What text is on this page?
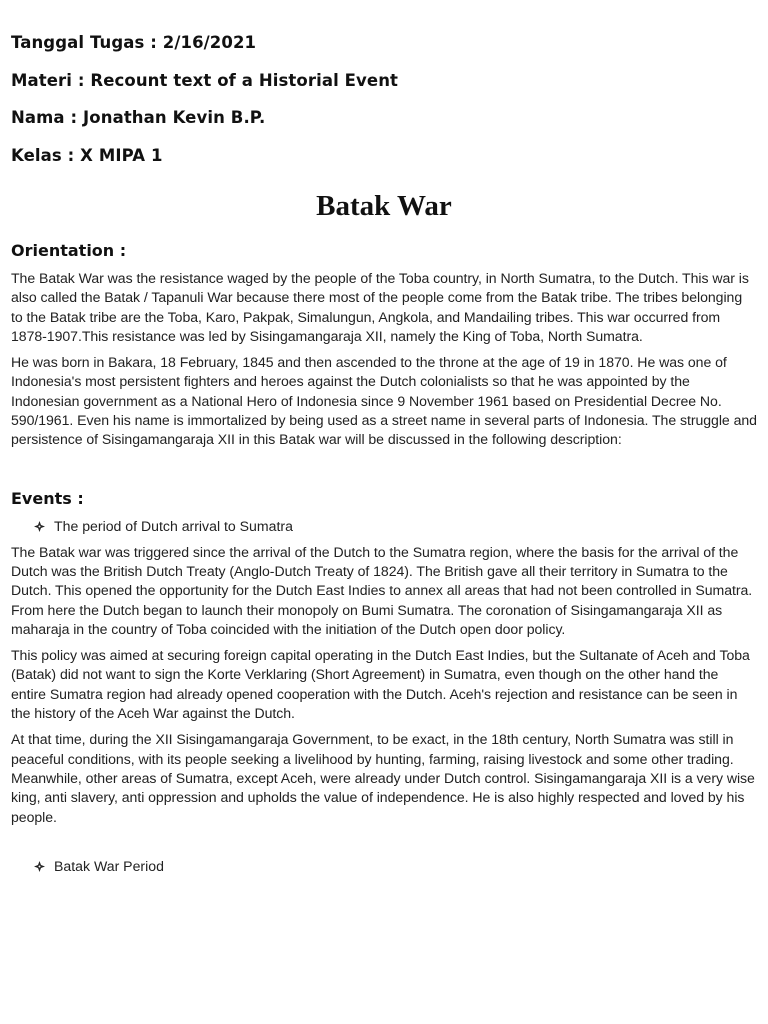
Tanggal Tugas : 2/16/2021

Materi : Recount text of a Historial Event

Nama : Jonathan Kevin B.P.

Kelas : X MIPA 1

Batak War
Orientation :

The Batak War was the resistance waged by the people of the Toba country, in North Sumatra, to the Dutch. This war is also called the Batak / Tapanuli War because there most of the people come from the Batak tribe. The tribes belonging to the Batak tribe are the Toba, Karo, Pakpak, Simalungun, Angkola, and Mandailing tribes. This war occurred from 1878-1907.This resistance was led by Sisingamangaraja XII, namely the King of Toba, North Sumatra.

He was born in Bakara, 18 February, 1845 and then ascended to the throne at the age of 19 in 1870. He was one of Indonesia's most persistent fighters and heroes against the Dutch colonialists so that he was appointed by the Indonesian government as a National Hero of Indonesia since 9 November 1961 based on Presidential Decree No. 590/1961. Even his name is immortalized by being used as a street name in several parts of Indonesia. The struggle and persistence of Sisingamangaraja XII in this Batak war will be discussed in the following description:

Events :
The period of Dutch arrival to Sumatra

The Batak war was triggered since the arrival of the Dutch to the Sumatra region, where the basis for the arrival of the Dutch was the British Dutch Treaty (Anglo-Dutch Treaty of 1824). The British gave all their territory in Sumatra to the Dutch. This opened the opportunity for the Dutch East Indies to annex all areas that had not been controlled in Sumatra. From here the Dutch began to launch their monopoly on Bumi Sumatra. The coronation of Sisingamangaraja XII as maharaja in the country of Toba coincided with the initiation of the Dutch open door policy.

This policy was aimed at securing foreign capital operating in the Dutch East Indies, but the Sultanate of Aceh and Toba (Batak) did not want to sign the Korte Verklaring (Short Agreement) in Sumatra, even though on the other hand the entire Sumatra region had already opened cooperation with the Dutch. Aceh's rejection and resistance can be seen in the history of the Aceh War against the Dutch.

At that time, during the XII Sisingamangaraja Government, to be exact, in the 18th century, North Sumatra was still in peaceful conditions, with its people seeking a livelihood by hunting, farming, raising livestock and some other trading. Meanwhile, other areas of Sumatra, except Aceh, were already under Dutch control. Sisingamangaraja XII is a very wise king, anti slavery, anti oppression and upholds the value of independence. He is also highly respected and loved by his people.

Batak War Period
